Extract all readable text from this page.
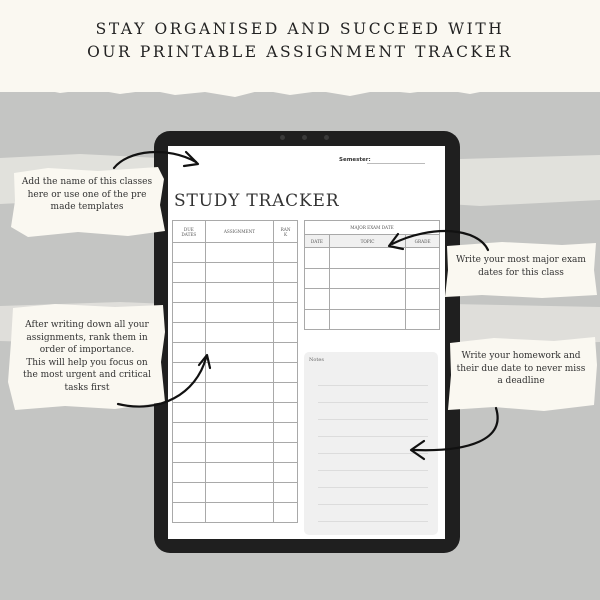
STAY ORGANISED AND SUCCEED WITH
OUR PRINTABLE ASSIGNMENT TRACKER
Semester:
STUDY TRACKER
DUE
DATES	ASSIGNMENT	RAN
K

MAJOR EXAM DATE		
DATE	TOPIC	GRADE

Notes
Add the name of this classes
here or use one of the pre
made templates
After writing down all your
assignments, rank them in
order of importance.
This will help you focus on
the most urgent and critical
tasks first
Write your most major exam
dates for this class
Write your homework and
their due date to never miss
a deadline
